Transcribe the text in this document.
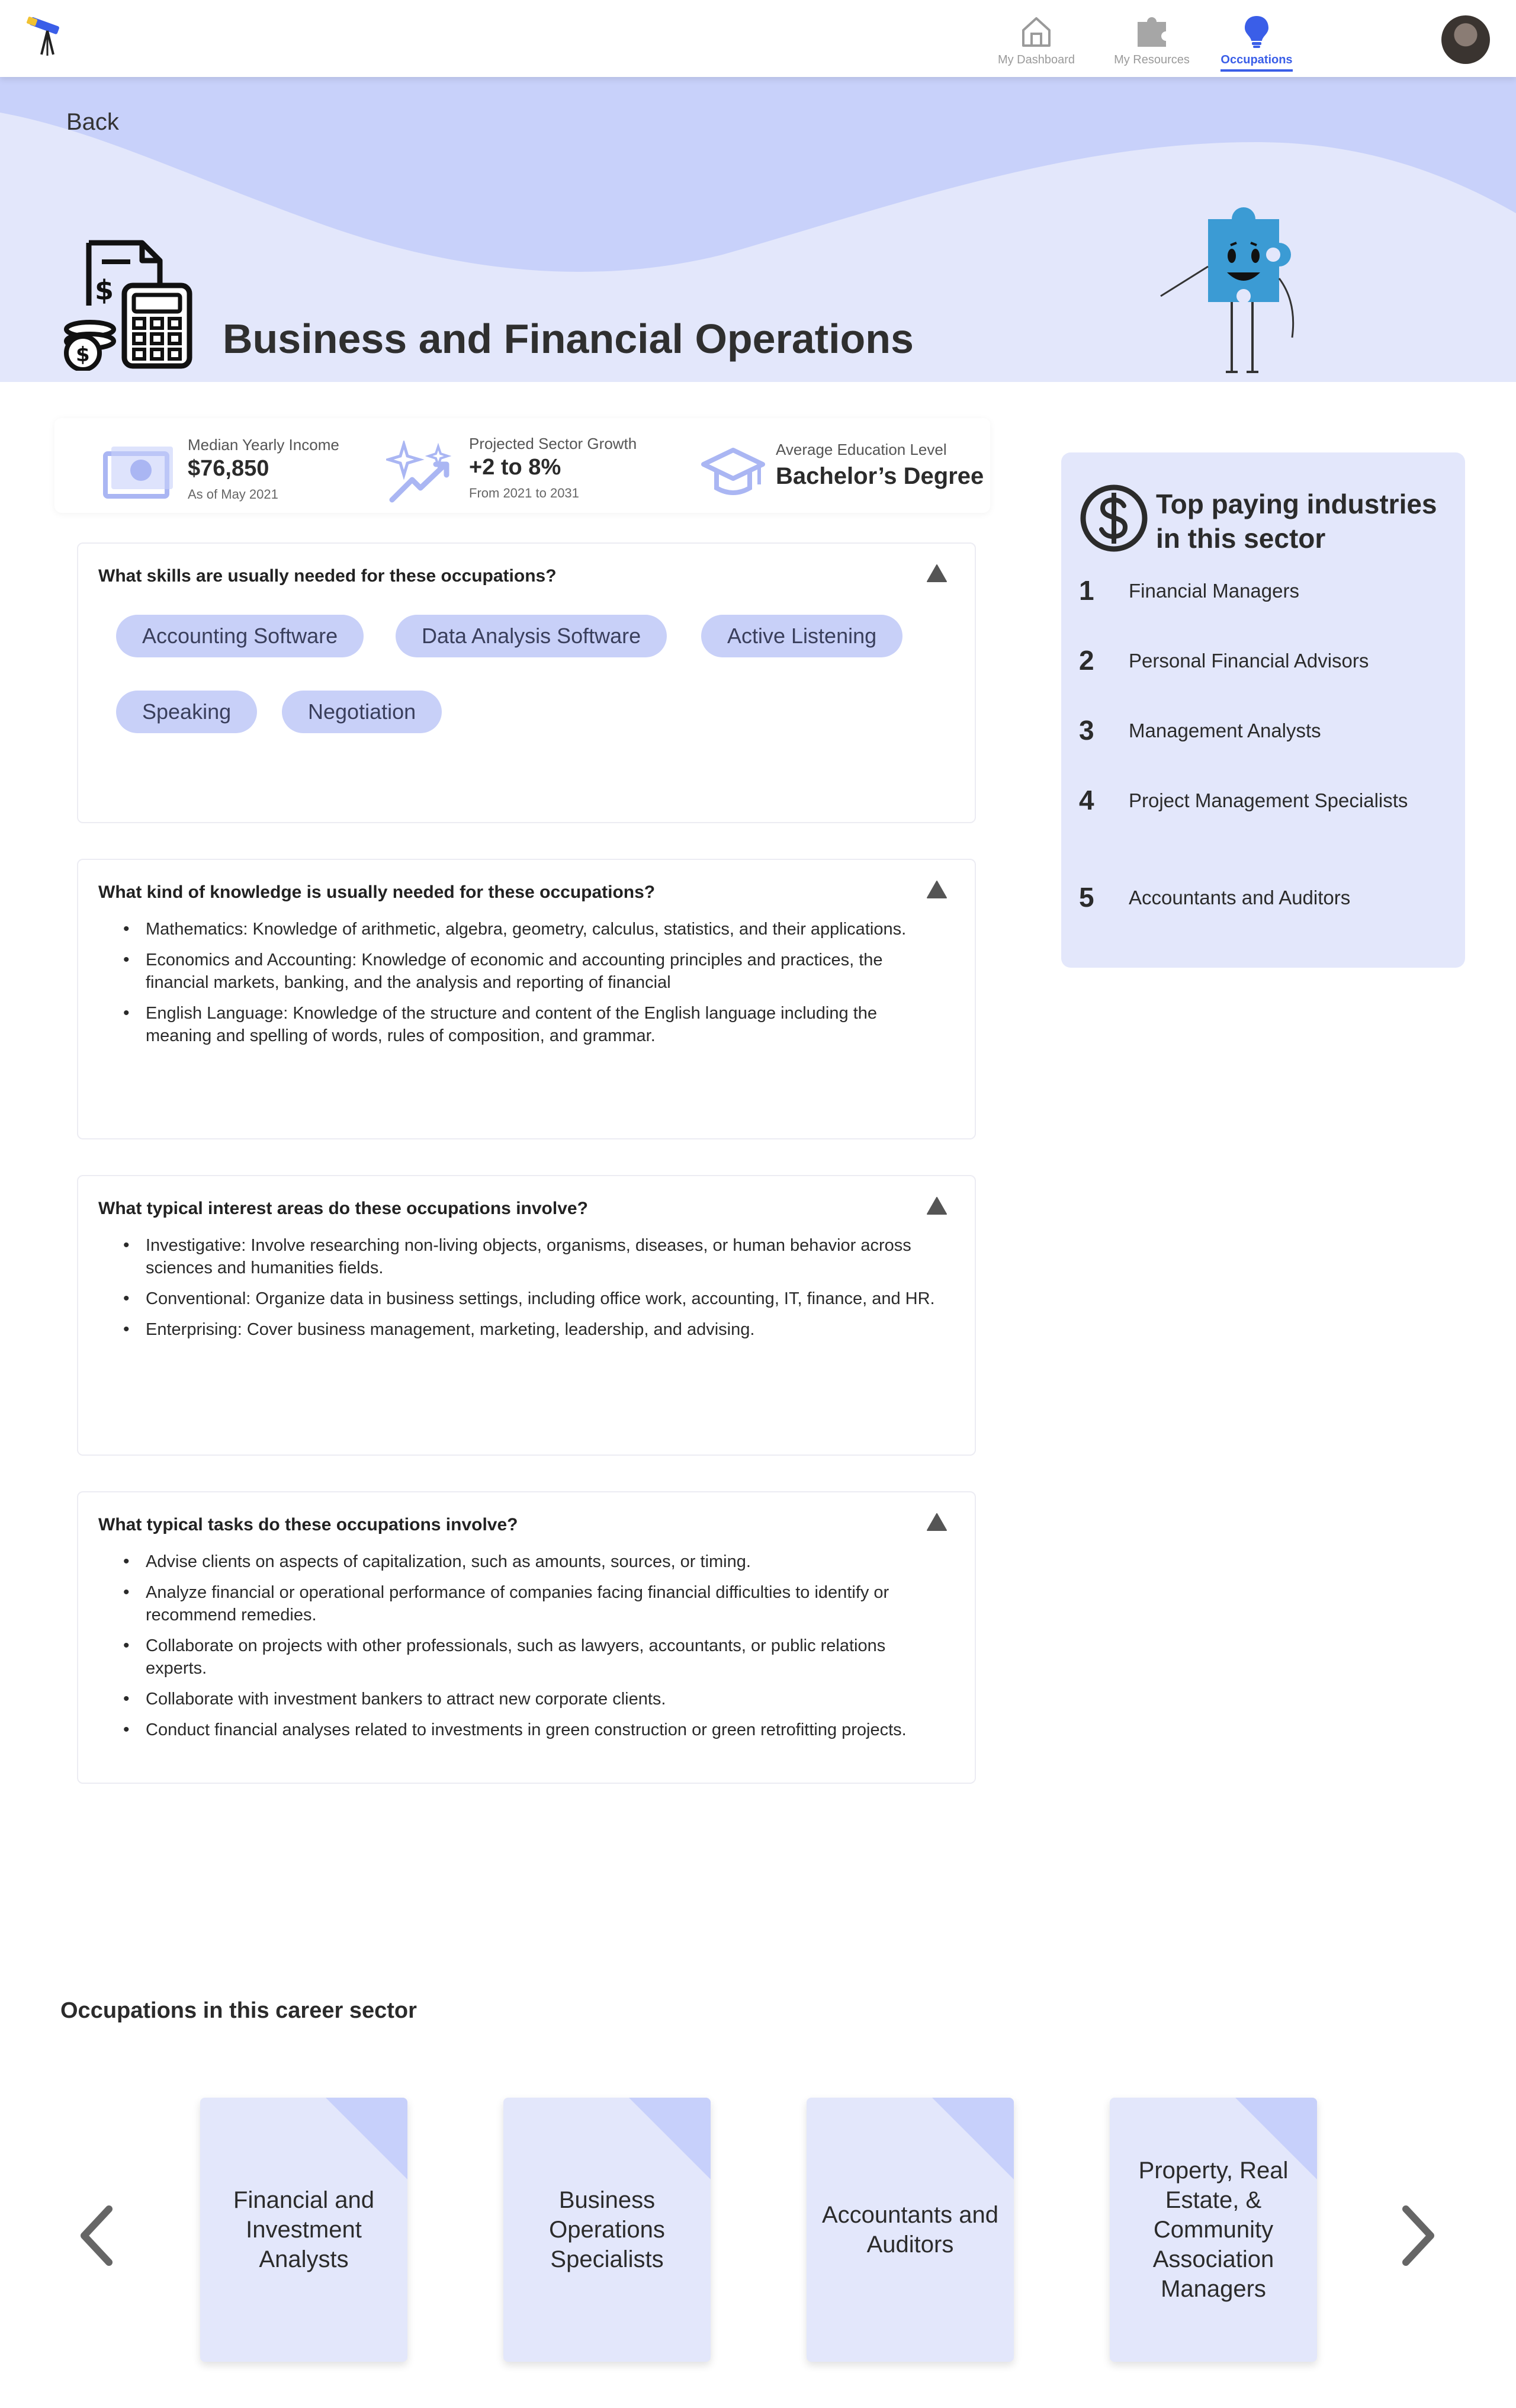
My Dashboard	My Resources	Occupations
Back
$
$	Business and Financial Operations
Median Yearly Income
$76,850
As of May 2021
Projected Sector Growth
+2 to 8%
From 2021 to 2031
Average Education Level
Bachelor’s Degree
What skills are usually needed for these occupations?
Accounting Software	Data Analysis Software	Active Listening
Speaking	Negotiation
What kind of knowledge is usually needed for these occupations?
• Mathematics: Knowledge of arithmetic, algebra, geometry, calculus, statistics, and their applications.
• Economics and Accounting: Knowledge of economic and accounting principles and practices, the financial markets, banking, and the analysis and reporting of financial
• English Language: Knowledge of the structure and content of the English language including the meaning and spelling of words, rules of composition, and grammar.
What typical interest areas do these occupations involve?
• Investigative: Involve researching non-living objects, organisms, diseases, or human behavior across sciences and humanities fields.
• Conventional: Organize data in business settings, including office work, accounting, IT, finance, and HR.
• Enterprising: Cover business management, marketing, leadership, and advising.
What typical tasks do these occupations involve?
• Advise clients on aspects of capitalization, such as amounts, sources, or timing.
• Analyze financial or operational performance of companies facing financial difficulties to identify or recommend remedies.
• Collaborate on projects with other professionals, such as lawyers, accountants, or public relations experts.
• Collaborate with investment bankers to attract new corporate clients.
• Conduct financial analyses related to investments in green construction or green retrofitting projects.
Top paying industries in this sector
1	Financial Managers
2	Personal Financial Advisors
3	Management Analysts
4	Project Management Specialists
5	Accountants and Auditors
Occupations in this career sector
Financial and Investment Analysts
Business Operations Specialists
Accountants and Auditors
Property, Real Estate, & Community Association Managers
